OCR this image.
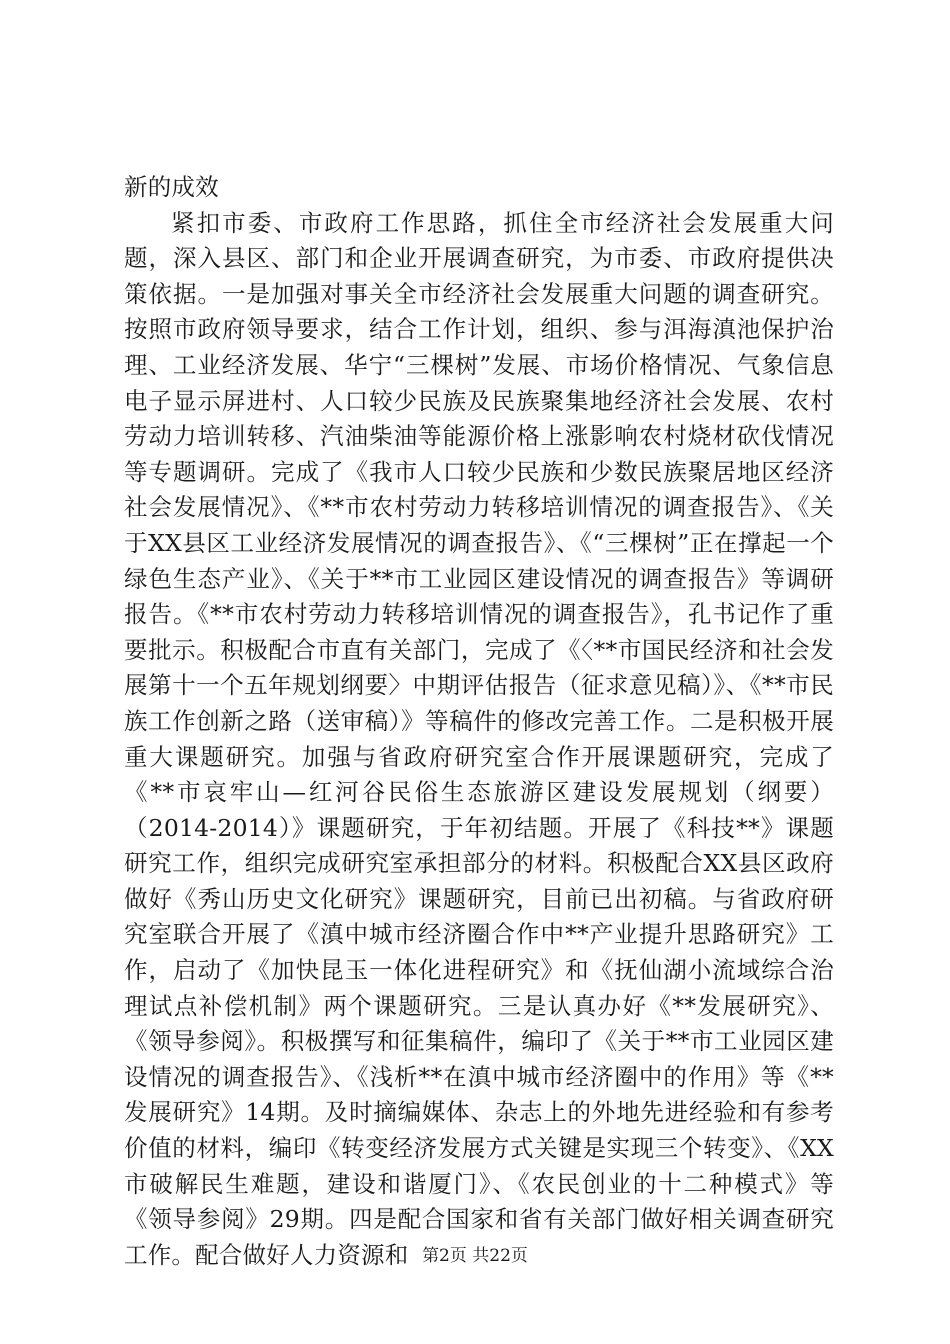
新的成效

紧扣市委、市政府工作思路，抓住全市经济社会发展重大问题，深入县区、部门和企业开展调查研究，为市委、市政府提供决策依据。一是加强对事关全市经济社会发展重大问题的调查研究。按照市政府领导要求，结合工作计划，组织、参与洱海滇池保护治理、工业经济发展、华宁“三棵树”发展、市场价格情况、气象信息电子显示屏进村、人口较少民族及民族聚集地经济社会发展、农村劳动力培训转移、汽油柴油等能源价格上涨影响农村烧材砍伐情况等专题调研。完成了《我市人口较少民族和少数民族聚居地区经济社会发展情况》、《**市农村劳动力转移培训情况的调查报告》、《关于XX县区工业经济发展情况的调查报告》、《“三棵树”正在撑起一个绿色生态产业》、《关于**市工业园区建设情况的调查报告》等调研报告。《**市农村劳动力转移培训情况的调查报告》，孔书记作了重要批示。积极配合市直有关部门，完成了《〈**市国民经济和社会发展第十一个五年规划纲要〉中期评估报告（征求意见稿）》、《**市民族工作创新之路（送审稿）》等稿件的修改完善工作。二是积极开展重大课题研究。加强与省政府研究室合作开展课题研究，完成了《**市哀牢山—红河谷民俗生态旅游区建设发展规划（纲要）（2014-2014）》课题研究，于年初结题。开展了《科技**》课题研究工作，组织完成研究室承担部分的材料。积极配合XX县区政府做好《秀山历史文化研究》课题研究，目前已出初稿。与省政府研究室联合开展了《滇中城市经济圈合作中**产业提升思路研究》工作，启动了《加快昆玉一体化进程研究》和《抚仙湖小流域综合治理试点补偿机制》两个课题研究。三是认真办好《**发展研究》、《领导参阅》。积极撰写和征集稿件，编印了《关于**市工业园区建设情况的调查报告》、《浅析**在滇中城市经济圈中的作用》等《**发展研究》14期。及时摘编媒体、杂志上的外地先进经验和有参考价值的材料，编印《转变经济发展方式关键是实现三个转变》、《XX市破解民生难题，建设和谐厦门》、《农民创业的十二种模式》等《领导参阅》29期。四是配合国家和省有关部门做好相关调查研究工作。配合做好人力资源和 第2页 共22页
